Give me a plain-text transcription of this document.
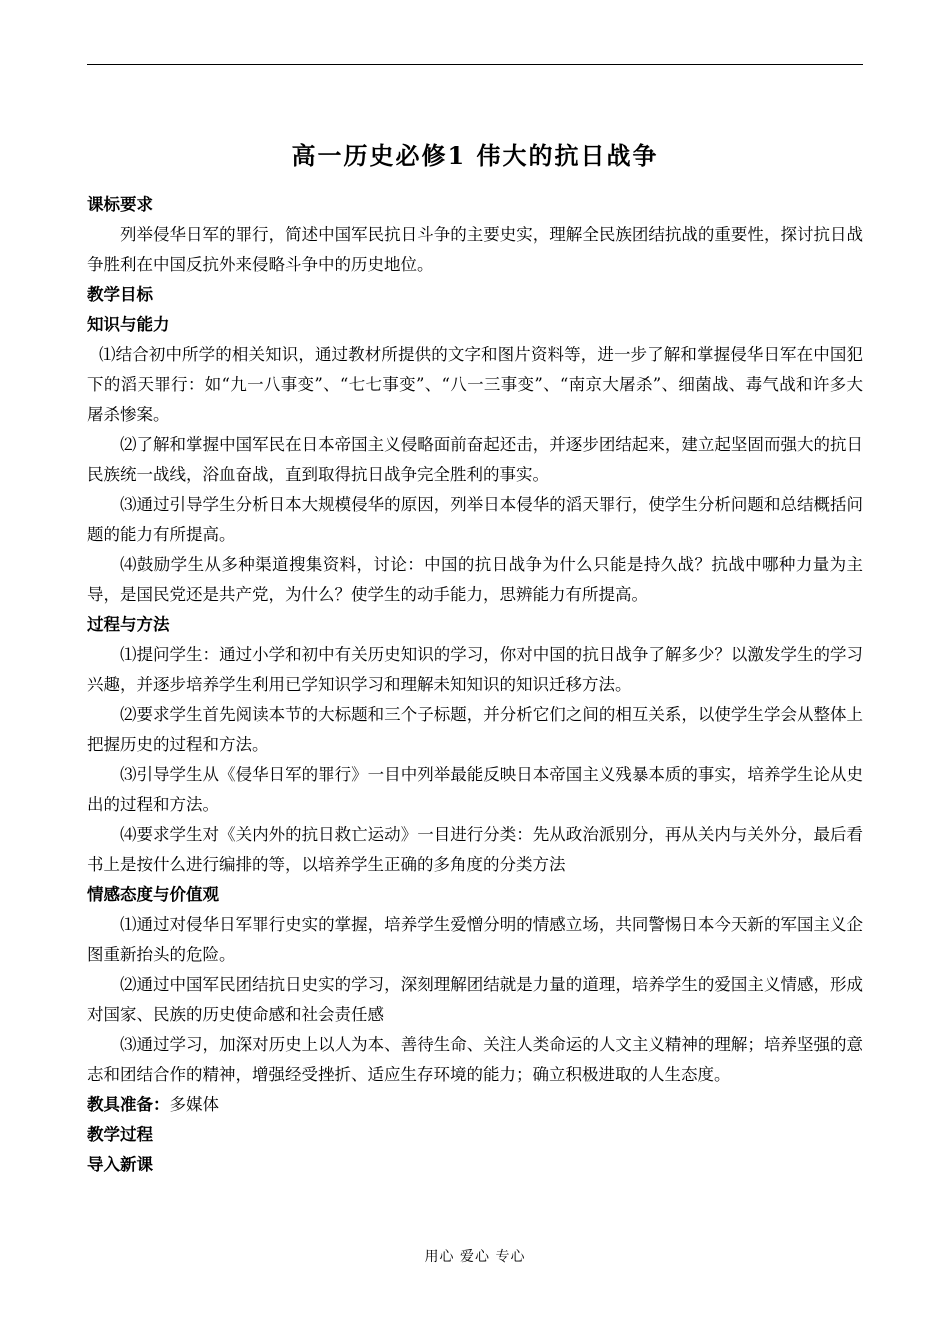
高一历史必修1 伟大的抗日战争
课标要求

列举侵华日军的罪行，简述中国军民抗日斗争的主要史实，理解全民族团结抗战的重要性，探讨抗日战争胜利在中国反抗外来侵略斗争中的历史地位。

教学目标
知识与能力

⑴结合初中所学的相关知识，通过教材所提供的文字和图片资料等，进一步了解和掌握侵华日军在中国犯下的滔天罪行：如“九一八事变”、“七七事变”、“八一三事变”、“南京大屠杀”、细菌战、毒气战和许多大屠杀惨案。

⑵了解和掌握中国军民在日本帝国主义侵略面前奋起还击，并逐步团结起来，建立起坚固而强大的抗日民族统一战线，浴血奋战，直到取得抗日战争完全胜利的事实。

⑶通过引导学生分析日本大规模侵华的原因，列举日本侵华的滔天罪行，使学生分析问题和总结概括问题的能力有所提高。

⑷鼓励学生从多种渠道搜集资料，讨论：中国的抗日战争为什么只能是持久战？抗战中哪种力量为主导，是国民党还是共产党，为什么？使学生的动手能力，思辨能力有所提高。

过程与方法

⑴提问学生：通过小学和初中有关历史知识的学习，你对中国的抗日战争了解多少？以激发学生的学习兴趣，并逐步培养学生利用已学知识学习和理解未知知识的知识迁移方法。

⑵要求学生首先阅读本节的大标题和三个子标题，并分析它们之间的相互关系，以使学生学会从整体上把握历史的过程和方法。

⑶引导学生从《侵华日军的罪行》一目中列举最能反映日本帝国主义残暴本质的事实，培养学生论从史出的过程和方法。

⑷要求学生对《关内外的抗日救亡运动》一目进行分类：先从政治派别分，再从关内与关外分，最后看书上是按什么进行编排的等，以培养学生正确的多角度的分类方法

情感态度与价值观

⑴通过对侵华日军罪行史实的掌握，培养学生爱憎分明的情感立场，共同警惕日本今天新的军国主义企图重新抬头的危险。

⑵通过中国军民团结抗日史实的学习，深刻理解团结就是力量的道理，培养学生的爱国主义情感，形成对国家、民族的历史使命感和社会责任感

⑶通过学习，加深对历史上以人为本、善待生命、关注人类命运的人文主义精神的理解；培养坚强的意志和团结合作的精神，增强经受挫折、适应生存环境的能力；确立积极进取的人生态度。

教具准备：多媒体
教学过程
导入新课
用心 爱心 专心
